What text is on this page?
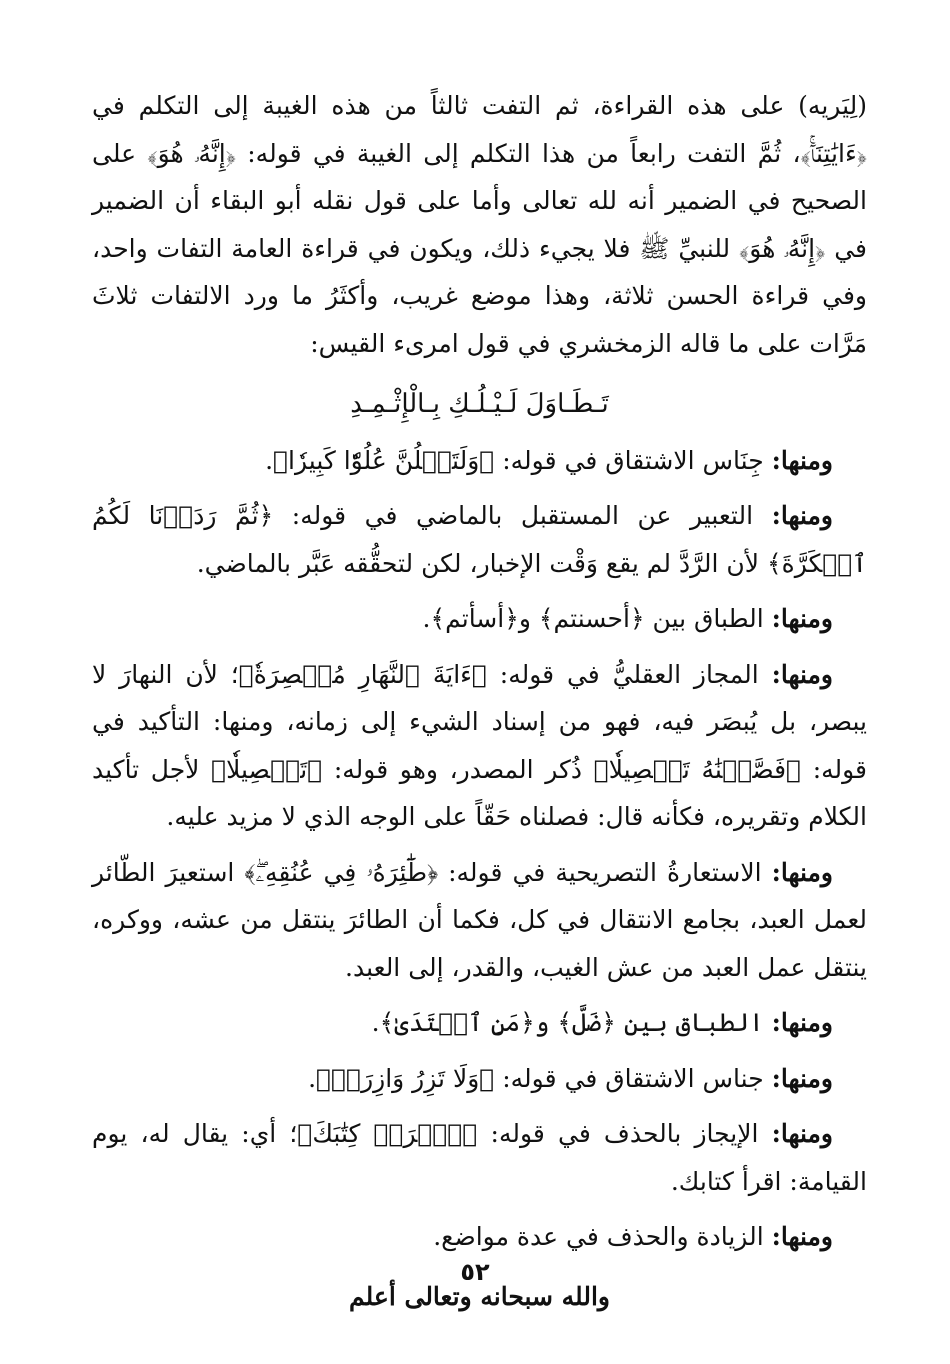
(لِيَريه) على هذه القراءة، ثم التفت ثالثاً من هذه الغيبة إلى التكلم في ﴿ءَايَٰتِنَآۚ﴾، ثُمَّ التفت رابعاً من هذا التكلم إلى الغيبة في قوله: ﴿إِنَّهُۥ هُوَ﴾ على الصحيح في الضمير أنه لله تعالى وأما على قول نقله أبو البقاء أن الضمير في ﴿إِنَّهُۥ هُوَ﴾ للنبيِّ ﷺ فلا يجيء ذلك، ويكون في قراءة العامة التفات واحد، وفي قراءة الحسن ثلاثة، وهذا موضع غريب، وأكثَرُ ما ورد الالتفات ثلاثَ مَرَّات على ما قاله الزمخشري في قول امرىء القيس:

تَـطَـاوَلَ لَـيْـلُـكِ بِـالْإِثْـمِـدِ

ومنها: جِنَاس الاشتقاق في قوله: ﴿وَلَتَعۡلُنَّ عُلُوّٗا كَبِيرٗا﴾.

ومنها: التعبير عن المستقبل بالماضي في قوله: ﴿ثُمَّ رَدَدۡنَا لَكُمُ ٱلۡكَرَّةَ﴾ لأن الرَّدَّ لم يقع وَقْت الإخبار، لكن لتحقُّقه عَبَّر بالماضي.

ومنها: الطباق بين ﴿أحسنتم﴾ و﴿أسأتم﴾.

ومنها: المجاز العقليُّ في قوله: ﴿ءَايَةَ ٱلنَّهَارِ مُبۡصِرَةٗ﴾؛ لأن النهارَ لا يبصر، بل يُبصَر فيه، فهو من إسناد الشيء إلى زمانه، ومنها: التأكيد في قوله: ﴿فَصَّلۡنَٰهُ تَفۡصِيلٗا﴾ ذُكر المصدر، وهو قوله: ﴿تَفۡصِيلٗا﴾ لأجل تأكيد الكلام وتقريره، فكأنه قال: فصلناه حَقّاً على الوجه الذي لا مزيد عليه.

ومنها: الاستعارةُ التصريحية في قوله: ﴿طَٰٓئِرَهُۥ فِي عُنُقِهِۦۖ﴾ استعيرَ الطّائر لعمل العبد، بجامع الانتقال في كل، فكما أن الطائرَ ينتقل من عشه، ووكره، ينتقل عمل العبد من عش الغيب، والقدر، إلى العبد.

ومنها: الطباق بين ﴿ضَلَّ﴾ و﴿مَنِ ٱهۡتَدَىٰ﴾.

ومنها: جناس الاشتقاق في قوله: ﴿وَلَا تَزِرُ وَازِرَةٞ﴾.

ومنها: الإيجاز بالحذف في قوله: ﴿ٱقۡرَأۡ كِتَٰبَكَ﴾؛ أي: يقال له، يوم القيامة: اقرأ كتابك.

ومنها: الزيادة والحذف في عدة مواضع.

والله سبحانه وتعالى أعلم
٥٢
